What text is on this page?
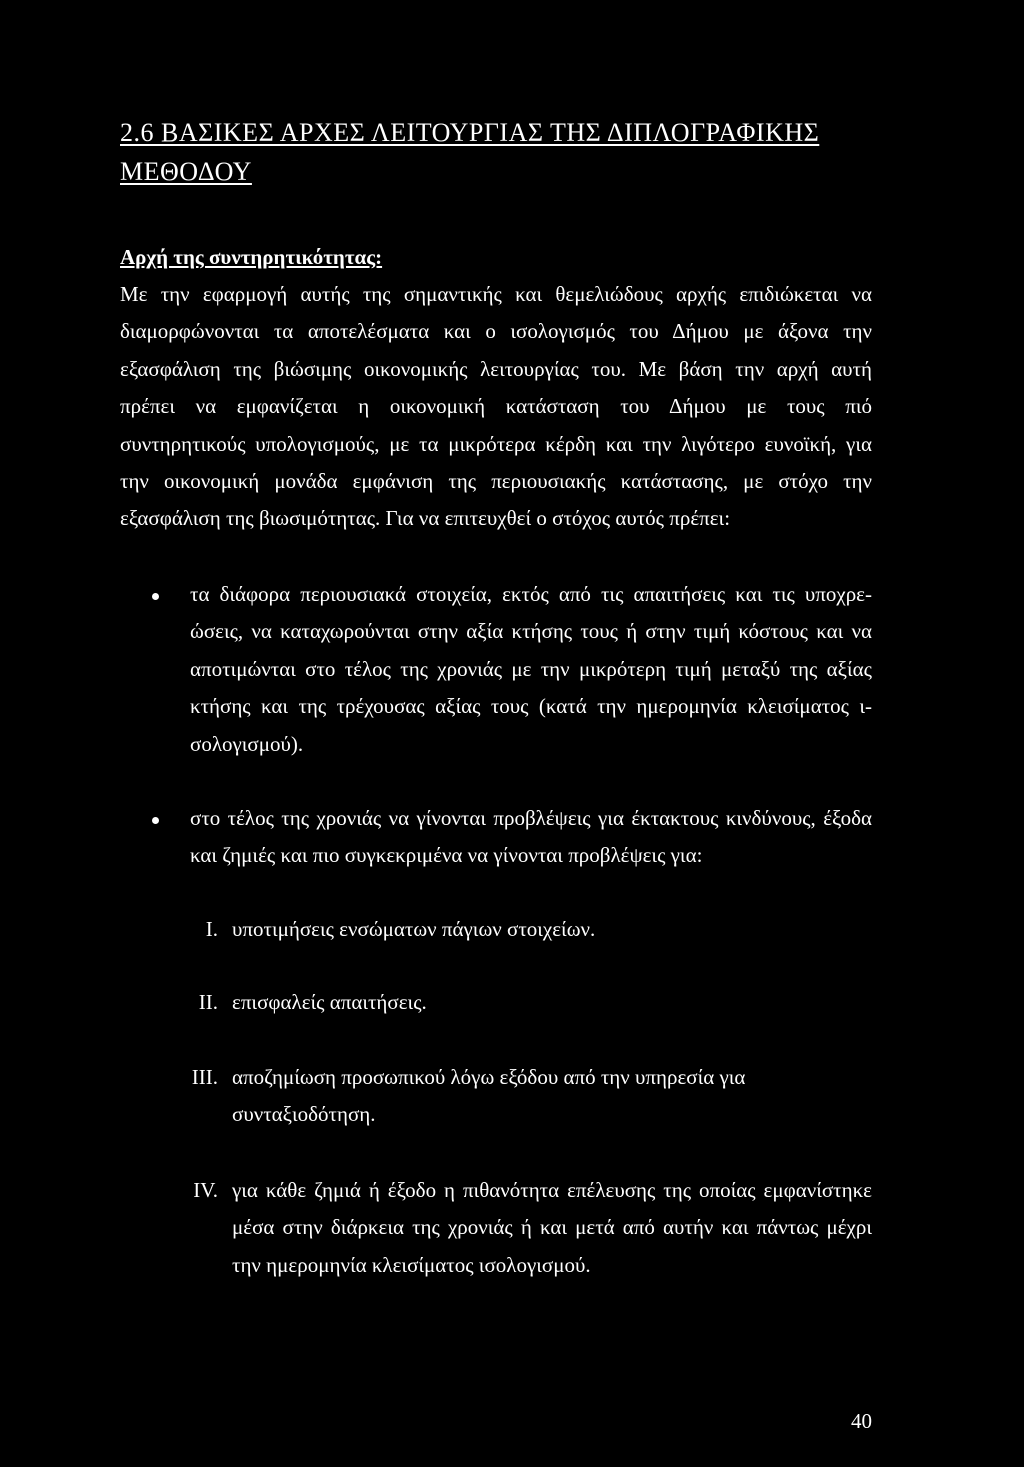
2.6 ΒΑΣΙΚΕΣ ΑΡΧΕΣ ΛΕΙΤΟΥΡΓΙΑΣ ΤΗΣ ΔΙΠΛΟΓΡΑΦΙΚΗΣ
ΜΕΘΟΔΟΥ
Αρχή της συντηρητικότητας:
Με την εφαρμογή αυτής της σημαντικής και θεμελιώδους αρχής επιδιώκεται να
διαμορφώνονται τα αποτελέσματα και ο ισολογισμός του Δήμου με άξονα την
εξασφάλιση της βιώσιμης οικονομικής λειτουργίας του. Με βάση την αρχή αυτή
πρέπει να εμφανίζεται η οικονομική κατάσταση του Δήμου με τους πιό
συντηρητικούς υπολογισμούς, με τα μικρότερα κέρδη και την λιγότερο ευνοϊκή, για
την οικονομική μονάδα εμφάνιση της περιουσιακής κατάστασης, με στόχο την
εξασφάλιση της βιωσιμότητας. Για να επιτευχθεί ο στόχος αυτός πρέπει:
τα διάφορα περιουσιακά στοιχεία, εκτός από τις απαιτήσεις και τις υποχρε-
ώσεις, να καταχωρούνται στην αξία κτήσης τους ή στην τιμή κόστους και να
αποτιμώνται στο τέλος της χρονιάς με την μικρότερη τιμή μεταξύ της αξίας
κτήσης και της τρέχουσας αξίας τους (κατά την ημερομηνία κλεισίματος ι-
σολογισμού).
στο τέλος της χρονιάς να γίνονται προβλέψεις για έκτακτους κινδύνους, έξοδα
και ζημιές και πιο συγκεκριμένα να γίνονται προβλέψεις για:
I. υποτιμήσεις ενσώματων πάγιων στοιχείων.
II. επισφαλείς απαιτήσεις.
III. αποζημίωση προσωπικού λόγω εξόδου από την υπηρεσία για
συνταξιοδότηση.
IV. για κάθε ζημιά ή έξοδο η πιθανότητα επέλευσης της οποίας εμφανίστηκε
μέσα στην διάρκεια της χρονιάς ή και μετά από αυτήν και πάντως μέχρι
την ημερομηνία κλεισίματος ισολογισμού.
40
